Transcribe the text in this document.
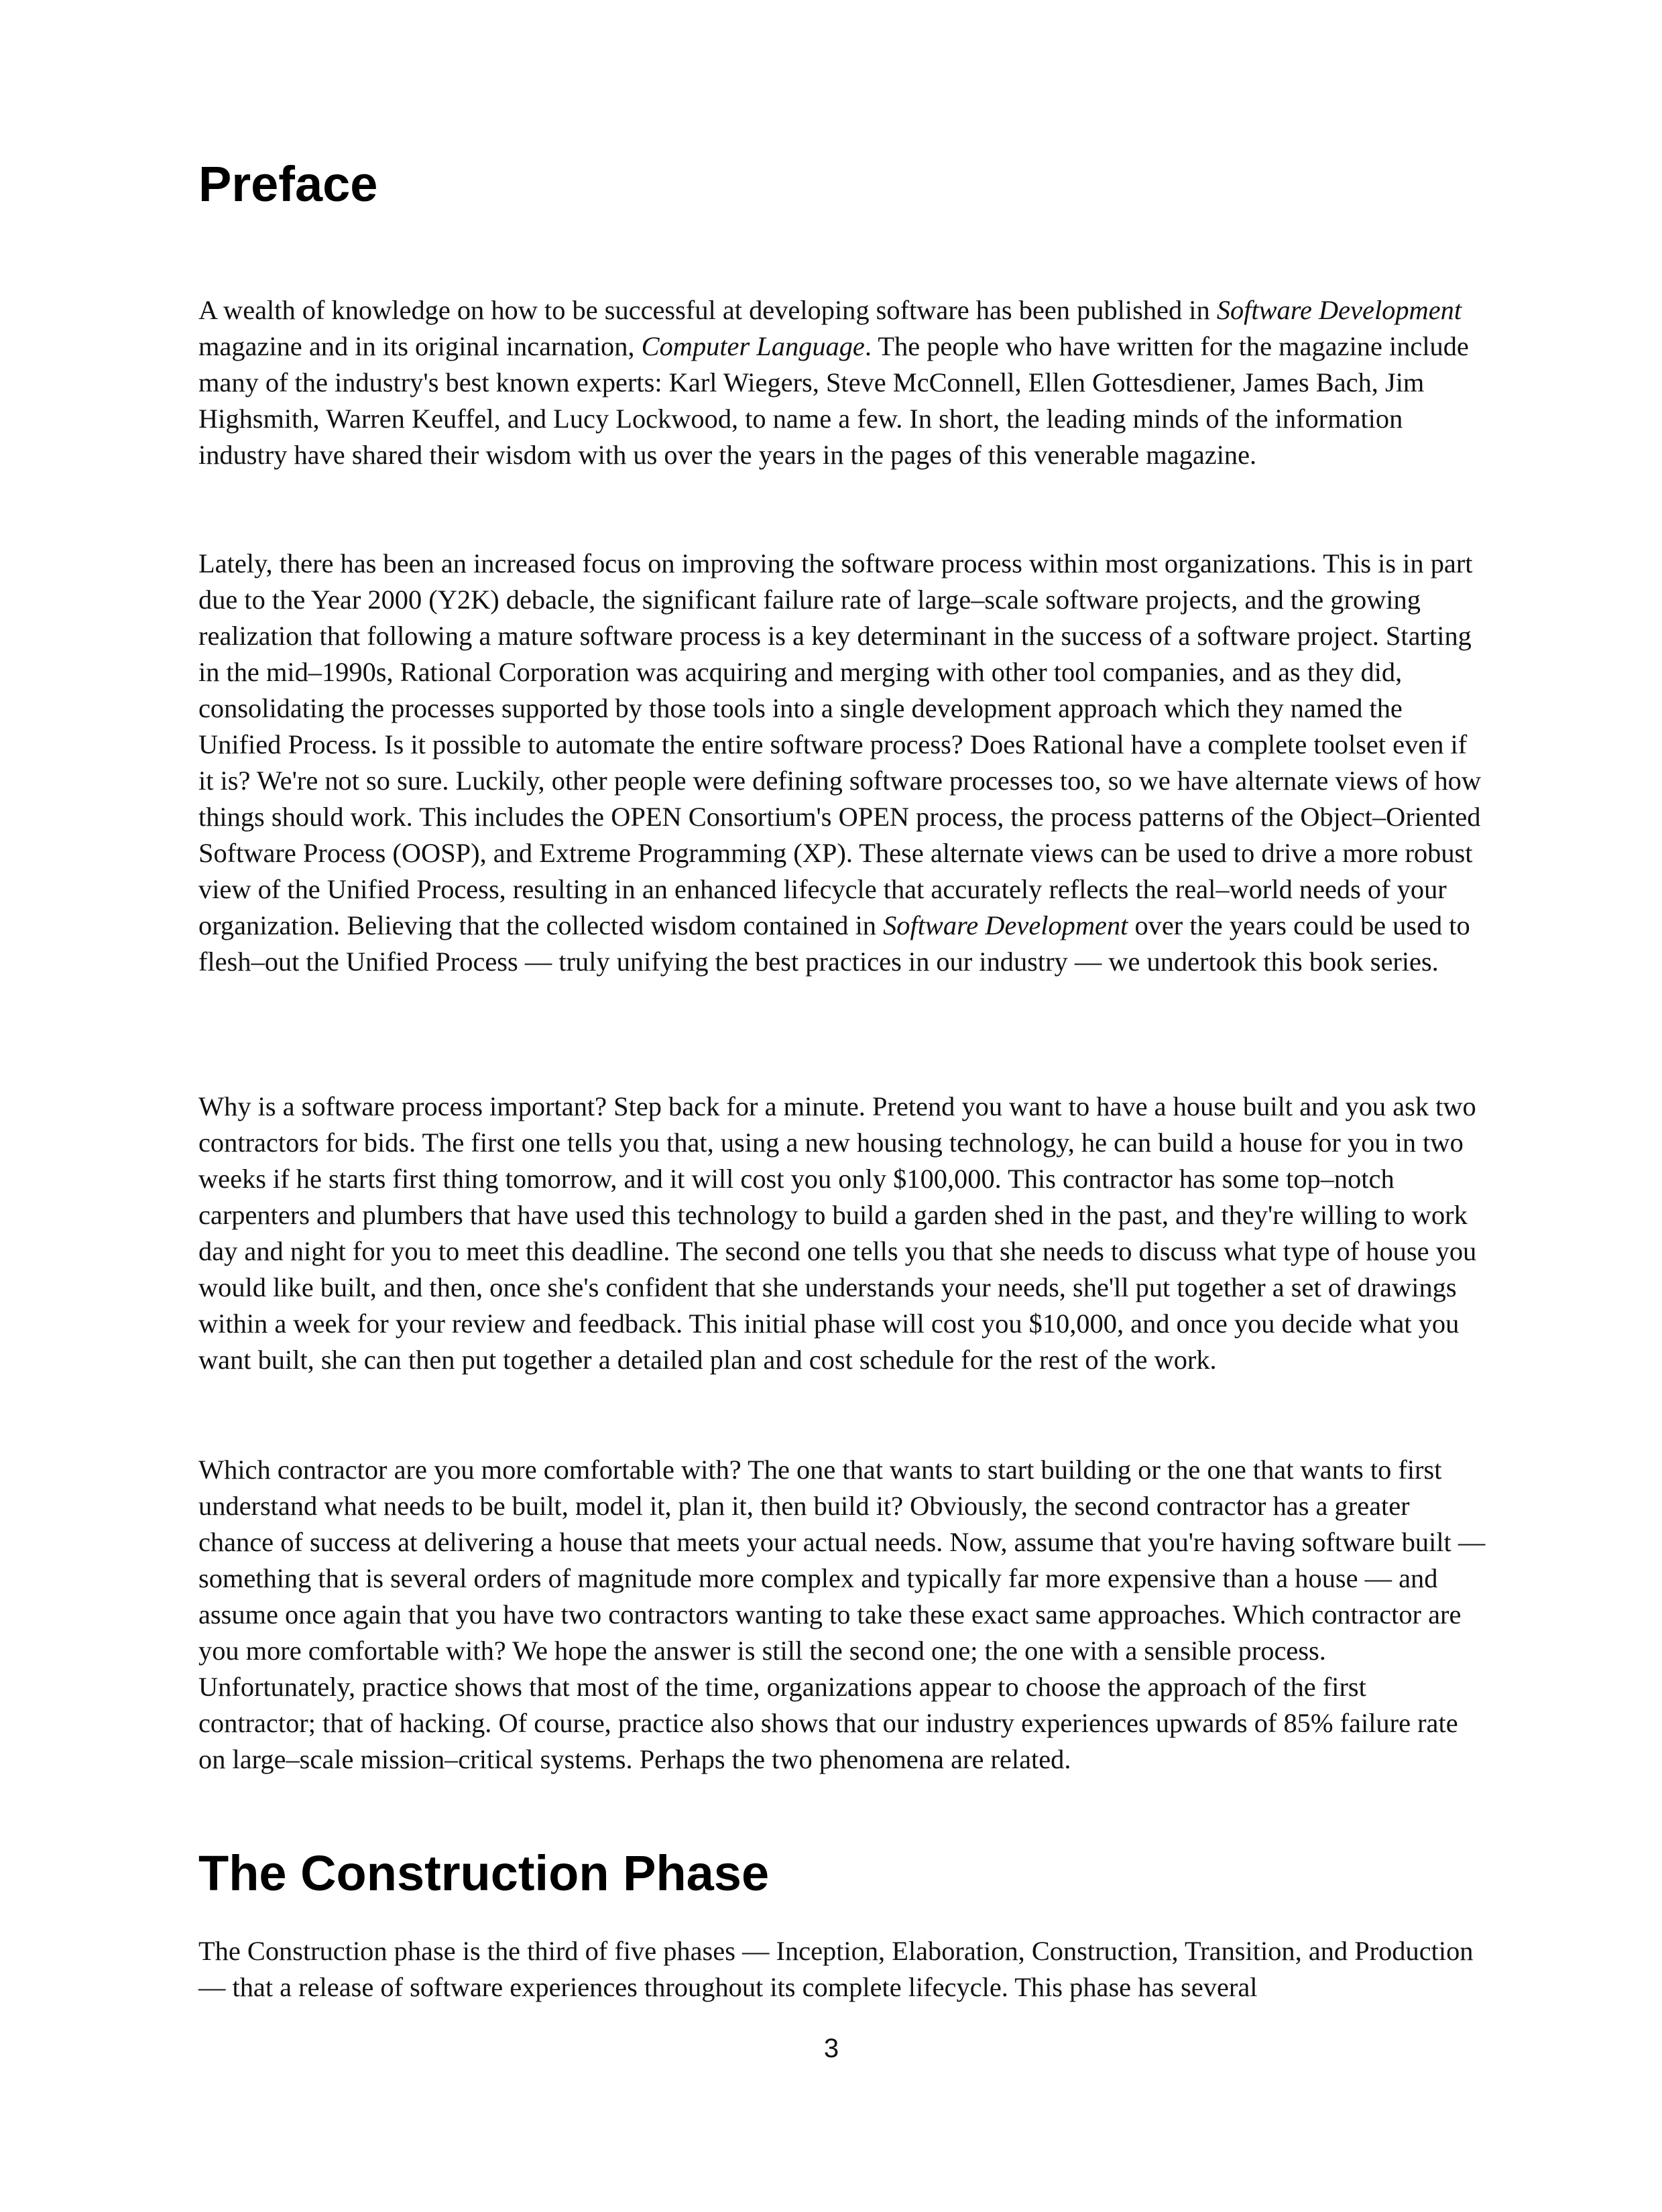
Preface

A wealth of knowledge on how to be successful at developing software has been published in Software Development magazine and in its original incarnation, Computer Language. The people who have written for the magazine include many of the industry's best known experts: Karl Wiegers, Steve McConnell, Ellen Gottesdiener, James Bach, Jim Highsmith, Warren Keuffel, and Lucy Lockwood, to name a few. In short, the leading minds of the information industry have shared their wisdom with us over the years in the pages of this venerable magazine.

Lately, there has been an increased focus on improving the software process within most organizations. This is in part due to the Year 2000 (Y2K) debacle, the significant failure rate of large–scale software projects, and the growing realization that following a mature software process is a key determinant in the success of a software project. Starting in the mid–1990s, Rational Corporation was acquiring and merging with other tool companies, and as they did, consolidating the processes supported by those tools into a single development approach which they named the Unified Process. Is it possible to automate the entire software process? Does Rational have a complete toolset even if it is? We're not so sure. Luckily, other people were defining software processes too, so we have alternate views of how things should work. This includes the OPEN Consortium's OPEN process, the process patterns of the Object–Oriented Software Process (OOSP), and Extreme Programming (XP). These alternate views can be used to drive a more robust view of the Unified Process, resulting in an enhanced lifecycle that accurately reflects the real–world needs of your organization. Believing that the collected wisdom contained in Software Development over the years could be used to flesh–out the Unified Process — truly unifying the best practices in our industry — we undertook this book series.

Why is a software process important? Step back for a minute. Pretend you want to have a house built and you ask two contractors for bids. The first one tells you that, using a new housing technology, he can build a house for you in two weeks if he starts first thing tomorrow, and it will cost you only $100,000. This contractor has some top–notch carpenters and plumbers that have used this technology to build a garden shed in the past, and they're willing to work day and night for you to meet this deadline. The second one tells you that she needs to discuss what type of house you would like built, and then, once she's confident that she understands your needs, she'll put together a set of drawings within a week for your review and feedback. This initial phase will cost you $10,000, and once you decide what you want built, she can then put together a detailed plan and cost schedule for the rest of the work.

Which contractor are you more comfortable with? The one that wants to start building or the one that wants to first understand what needs to be built, model it, plan it, then build it? Obviously, the second contractor has a greater chance of success at delivering a house that meets your actual needs. Now, assume that you're having software built — something that is several orders of magnitude more complex and typically far more expensive than a house — and assume once again that you have two contractors wanting to take these exact same approaches. Which contractor are you more comfortable with? We hope the answer is still the second one; the one with a sensible process. Unfortunately, practice shows that most of the time, organizations appear to choose the approach of the first contractor; that of hacking. Of course, practice also shows that our industry experiences upwards of 85% failure rate on large–scale mission–critical systems. Perhaps the two phenomena are related.

The Construction Phase

The Construction phase is the third of five phases — Inception, Elaboration, Construction, Transition, and Production — that a release of software experiences throughout its complete lifecycle. This phase has several

3
